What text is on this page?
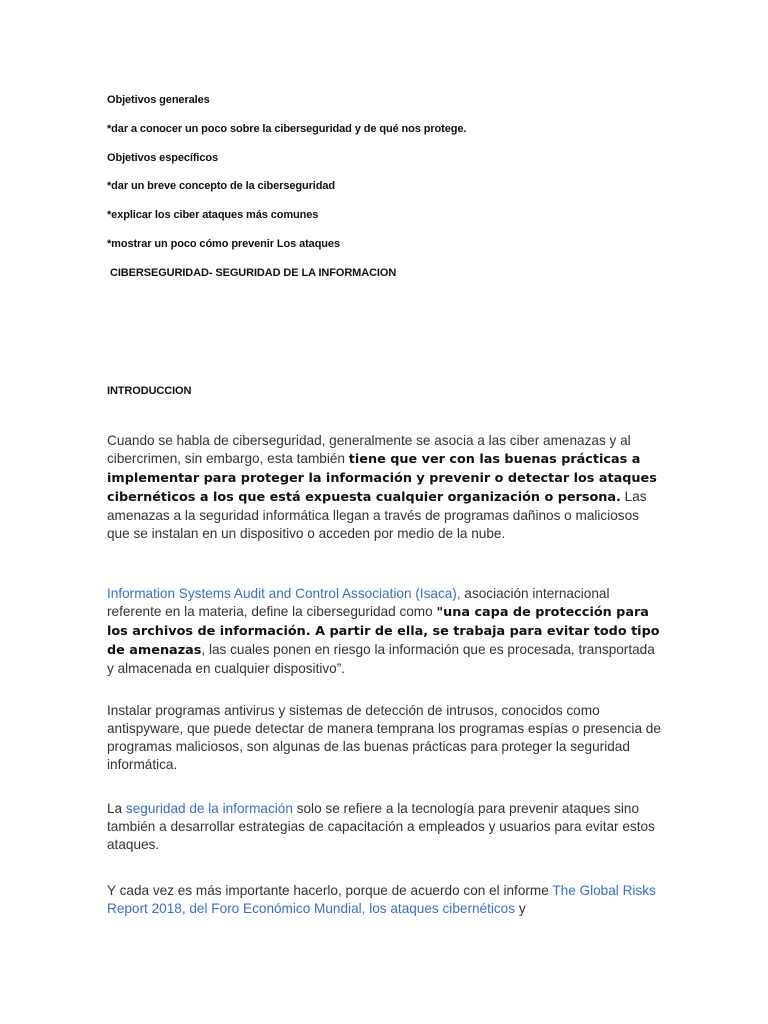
Objetivos generales
*dar a conocer un poco sobre la ciberseguridad y de qué nos protege.
Objetivos específicos
*dar un breve concepto de la ciberseguridad
*explicar los ciber ataques más comunes
*mostrar un poco cómo prevenir Los ataques
CIBERSEGURIDAD- SEGURIDAD DE LA INFORMACION
INTRODUCCION
Cuando se habla de ciberseguridad, generalmente se asocia a las ciber amenazas y al cibercrimen, sin embargo, esta también tiene que ver con las buenas prácticas a implementar para proteger la información y prevenir o detectar los ataques cibernéticos a los que está expuesta cualquier organización o persona. Las amenazas a la seguridad informática llegan a través de programas dañinos o maliciosos que se instalan en un dispositivo o acceden por medio de la nube.
Information Systems Audit and Control Association (Isaca), asociación internacional referente en la materia, define la ciberseguridad como "una capa de protección para los archivos de información. A partir de ella, se trabaja para evitar todo tipo de amenazas, las cuales ponen en riesgo la información que es procesada, transportada y almacenada en cualquier dispositivo”.
Instalar programas antivirus y sistemas de detección de intrusos, conocidos como antispyware, que puede detectar de manera temprana los programas espías o presencia de programas maliciosos, son algunas de las buenas prácticas para proteger la seguridad informática.
La seguridad de la información solo se refiere a la tecnología para prevenir ataques sino también a desarrollar estrategias de capacitación a empleados y usuarios para evitar estos ataques.
Y cada vez es más importante hacerlo, porque de acuerdo con el informe The Global Risks Report 2018, del Foro Económico Mundial, los ataques cibernéticos y
